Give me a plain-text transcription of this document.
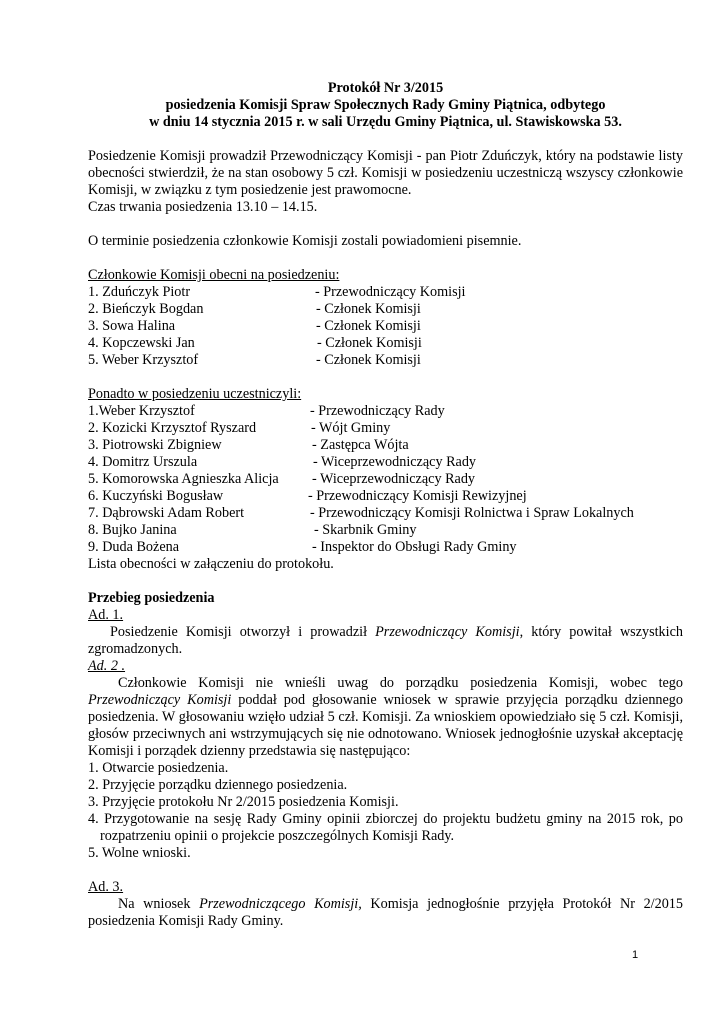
Protokół Nr 3/2015
posiedzenia Komisji Spraw Społecznych Rady Gminy Piątnica, odbytego
w dniu 14 stycznia 2015 r. w sali Urzędu Gminy Piątnica, ul. Stawiskowska 53.
Posiedzenie Komisji prowadził Przewodniczący Komisji - pan Piotr Zduńczyk, który na podstawie listy obecności stwierdził, że na stan osobowy 5 czł. Komisji w posiedzeniu uczestniczą wszyscy członkowie Komisji, w związku z tym posiedzenie jest prawomocne.
Czas trwania posiedzenia 13.10 – 14.15.
O terminie posiedzenia członkowie Komisji zostali powiadomieni pisemnie.
Członkowie Komisji obecni na posiedzeniu:
1. Zduńczyk Piotr	- Przewodniczący Komisji
2. Bieńczyk Bogdan	- Członek Komisji
3. Sowa Halina	- Członek Komisji
4. Kopczewski Jan	- Członek Komisji
5. Weber Krzysztof	- Członek Komisji
Ponadto w posiedzeniu uczestniczyli:
1.Weber Krzysztof	- Przewodniczący Rady
2. Kozicki Krzysztof Ryszard	- Wójt Gminy
3. Piotrowski Zbigniew	- Zastępca Wójta
4. Domitrz Urszula	- Wiceprzewodniczący Rady
5. Komorowska Agnieszka Alicja	- Wiceprzewodniczący Rady
6. Kuczyński Bogusław	- Przewodniczący Komisji Rewizyjnej
7. Dąbrowski Adam Robert	- Przewodniczący Komisji Rolnictwa i Spraw Lokalnych
8. Bujko Janina	- Skarbnik Gminy
9. Duda Bożena	- Inspektor do Obsługi Rady Gminy
Lista obecności w załączeniu do protokołu.
Przebieg posiedzenia
Ad. 1.
Posiedzenie Komisji otworzył i prowadził Przewodniczący Komisji, który powitał wszystkich zgromadzonych.
Ad. 2 .
Członkowie Komisji nie wnieśli uwag do porządku posiedzenia Komisji, wobec tego Przewodniczący Komisji poddał pod głosowanie wniosek w sprawie przyjęcia porządku dziennego posiedzenia. W głosowaniu wzięło udział 5 czł. Komisji. Za wnioskiem opowiedziało się 5 czł. Komisji, głosów przeciwnych ani wstrzymujących się nie odnotowano. Wniosek jednogłośnie uzyskał akceptację Komisji i porządek dzienny przedstawia się następująco:
1. Otwarcie posiedzenia.
2. Przyjęcie porządku dziennego posiedzenia.
3. Przyjęcie protokołu Nr 2/2015 posiedzenia Komisji.
4. Przygotowanie na sesję Rady Gminy opinii zbiorczej do projektu budżetu gminy na 2015 rok, po rozpatrzeniu opinii o projekcie poszczególnych Komisji Rady.
5. Wolne wnioski.
Ad. 3.
Na wniosek Przewodniczącego Komisji, Komisja jednogłośnie przyjęła Protokół Nr 2/2015 posiedzenia Komisji Rady Gminy.
1
